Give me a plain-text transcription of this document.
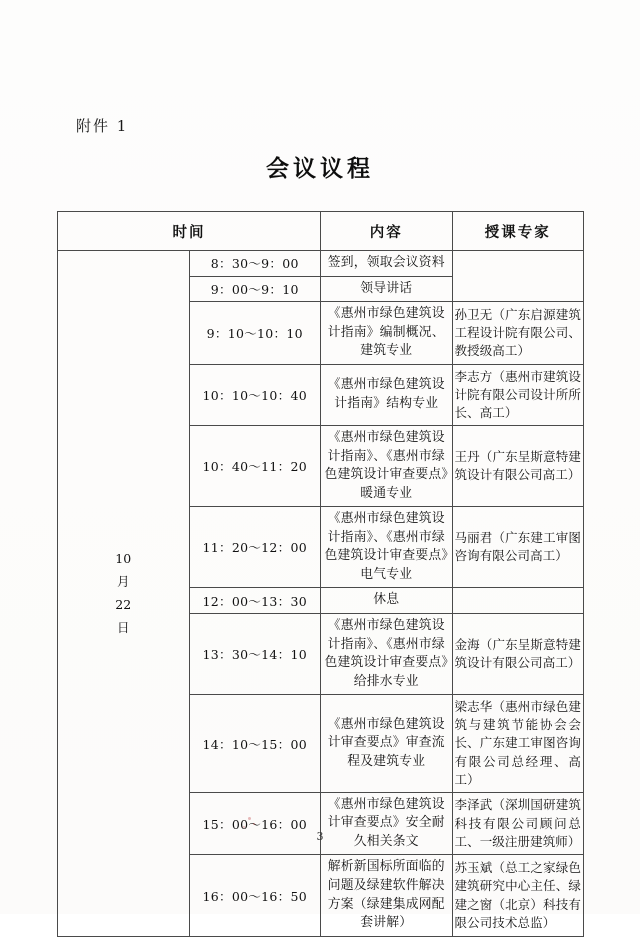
附件 1
会议议程
时间		内容	授课专家

10
月
22
日	8：30～9：00	签到，领取会议资料	
	9：00～9：10	领导讲话	
	9：10～10：10	《惠州市绿色建筑设计指南》编制概况、建筑专业	孙卫无（广东启源建筑工程设计院有限公司、教授级高工）
	10：10～10：40	《惠州市绿色建筑设计指南》结构专业	李志方（惠州市建筑设计院有限公司设计所所长、高工）
	10：40～11：20	《惠州市绿色建筑设计指南》、《惠州市绿色建筑设计审查要点》暖通专业	王丹（广东呈斯意特建筑设计有限公司高工）
	11：20～12：00	《惠州市绿色建筑设计指南》、《惠州市绿色建筑设计审查要点》电气专业	马丽君（广东建工审图咨询有限公司高工）
	12：00～13：30	休息	
	13：30～14：10	《惠州市绿色建筑设计指南》、《惠州市绿色建筑设计审查要点》给排水专业	金海（广东呈斯意特建筑设计有限公司高工）
	14：10～15：00	《惠州市绿色建筑设计审查要点》审查流程及建筑专业	梁志华（惠州市绿色建筑与建筑节能协会会长、广东建工审图咨询有限公司总经理、高工）
	15：00～16：00	《惠州市绿色建筑设计审查要点》安全耐久相关条文	李泽武（深圳国研建筑科技有限公司顾问总工、一级注册建筑师）
	16：00～16：50	解析新国标所面临的问题及绿建软件解决方案（绿建集成网配套讲解）	苏玉斌（总工之家绿色建筑研究中心主任、绿建之窗（北京）科技有限公司技术总监）
3
